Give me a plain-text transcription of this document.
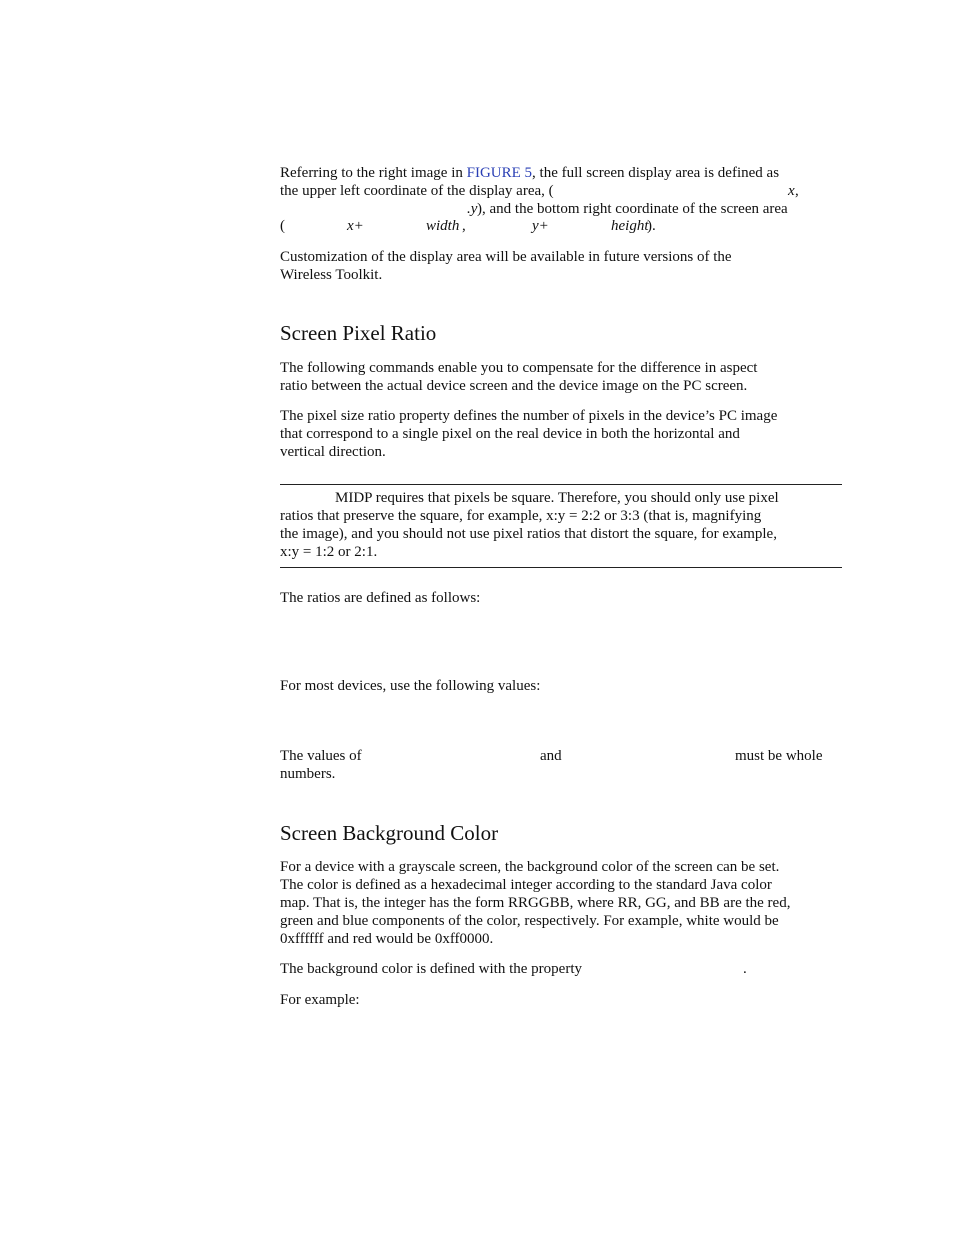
Referring to the right image in FIGURE 5, the full screen display area is defined as
the upper left coordinate of the display area, (	x ,
.y ), and the bottom right coordinate of the screen area
(	x+	width ,	y+	height
).
Customization of the display area will be available in future versions of the
Wireless Toolkit.
Screen Pixel Ratio
The following commands enable you to compensate for the difference in aspect
ratio between the actual device screen and the device image on the PC screen.
The pixel size ratio property defines the number of pixels in the device’s PC image
that correspond to a single pixel on the real device in both the horizontal and
vertical direction.
MIDP requires that pixels be square. Therefore, you should only use pixel
ratios that preserve the square, for example, x:y = 2:2 or 3:3 (that is, magnifying
the image), and you should not use pixel ratios that distort the square, for example,
x:y = 1:2 or 2:1.
The ratios are defined as follows:
For most devices, use the following values:
The values of	and	must be whole
numbers.
Screen Background Color
For a device with a grayscale screen, the background color of the screen can be set.
The color is defined as a hexadecimal integer according to the standard Java color
map. That is, the integer has the form RRGGBB, where RR, GG, and BB are the red,
green and blue components of the color, respectively. For example, white would be
0xffffff and red would be 0xff0000.
The background color is defined with the property	.
For example:
